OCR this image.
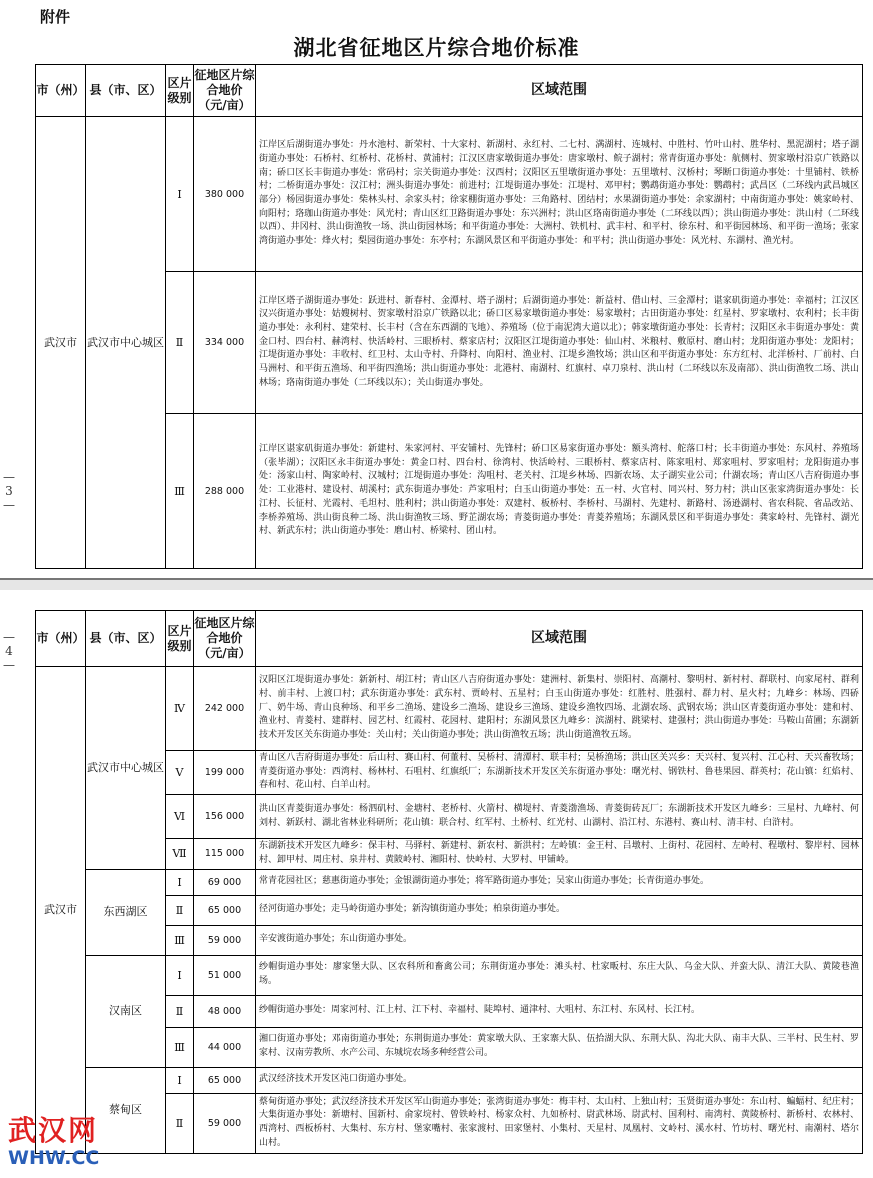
附件
湖北省征地区片综合地价标准
— 3 —
市（州）	县（市、区）	区片级别	征地区片综合地价（元/亩）	区域范围
武汉市	武汉市中心城区	Ⅰ	380 000	江岸区后湖街道办事处：丹水池村、新荣村、十大家村、新湖村、永红村、二七村、满湖村、连城村、中胜村、竹叶山村、胜华村、黑泥湖村；塔子湖街道办事处：石桥村、红桥村、花桥村、黄浦村；江汉区唐家墩街道办事处：唐家墩村、鲩子湖村；常青街道办事处：航侧村、贺家墩村沿京广铁路以南；硚口区长丰街道办事处：常码村；宗关街道办事处：汉西村；汉阳区五里墩街道办事处：五里墩村、汉桥村；琴断口街道办事处：十里铺村、铁桥村；二桥街道办事处：汉江村；洲头街道办事处：前进村；江堤街道办事处：江堤村、邓甲村；鹦鹉街道办事处：鹦鹉村；武昌区（二环线内武昌城区部分）杨园街道办事处：柴林头村、余家头村；徐家棚街道办事处：三角路村、团结村；水果湖街道办事处：余家湖村；中南街道办事处：姚家岭村、向阳村；珞珈山街道办事处：风光村；青山区红卫路街道办事处：东兴洲村；洪山区珞南街道办事处（二环线以西）；洪山街道办事处：洪山村（二环线以西）、井冈村、洪山街渔牧一场、洪山街园林场；和平街道办事处：大洲村、铁机村、武丰村、和平村、徐东村、和平街园林场、和平街一渔场；张家湾街道办事处：烽火村；梨园街道办事处：东亭村；东湖风景区和平街道办事处：和平村；洪山街道办事处：风光村、东湖村、渔光村。
		Ⅱ	334 000	江岸区塔子湖街道办事处：跃进村、新春村、金潭村、塔子湖村；后湖街道办事处：新益村、借山村、三金潭村；谌家矶街道办事处：幸福村；江汉区汉兴街道办事处：姑嫂树村、贺家墩村沿京广铁路以北；硚口区易家墩街道办事处：易家墩村；古田街道办事处：红星村、罗家墩村、农利村；长丰街道办事处：永利村、建荣村、长丰村（含在东西湖的飞地）、养殖场（位于南泥湾大道以北）；韩家墩街道办事处：长青村；汉阳区永丰街道办事处：黄金口村、四台村、赫湾村、快活岭村、三眼桥村、蔡家店村；汉阳区江堤街道办事处：仙山村、米粮村、敷原村、磨山村；龙阳街道办事处：龙阳村；江堤街道办事处：丰收村、红卫村、太山寺村、升降村、向阳村、渔业村、江堤乡渔牧场；洪山区和平街道办事处：东方红村、北洋桥村、厂前村、白马洲村、和平街五渔场、和平街四渔场；洪山街道办事处：北港村、南湖村、红旗村、卓刀泉村、洪山村（二环线以东及南部）、洪山街渔牧二场、洪山林场；珞南街道办事处（二环线以东）；关山街道办事处。
		Ⅲ	288 000	江岸区谌家矶街道办事处：新建村、朱家河村、平安铺村、先锋村；硚口区易家街道办事处：额头湾村、舵落口村；长丰街道办事处：东风村、养殖场（张毕湖）；汉阳区永丰街道办事处：黄金口村、四台村、徐湾村、快活岭村、三眼桥村、蔡家店村、陈家咀村、郑家咀村、罗家咀村；龙阳街道办事处：汤家山村、陶家岭村、汉城村；江堤街道办事处：沟咀村、老关村、江堤乡林场、四新农场、太子湖实业公司；什湖农场；青山区八吉府街道办事处：工业港村、建设村、胡溪村；武东街道办事处：芦家咀村；白玉山街道办事处：五一村、火官村、同兴村、努力村；洪山区张家湾街道办事处：长江村、长征村、光霞村、毛坦村、胜利村；洪山街道办事处：双建村、板桥村、李桥村、马湖村、先建村、新路村、汤逊湖村、省农科院、省品改站、李桥养殖场、洪山街良种二场、洪山街渔牧三场、野芷湖农场；青菱街道办事处：青菱养殖场；东湖风景区和平街道办事处：龚家岭村、先锋村、湖光村、新武东村；洪山街道办事处：磨山村、桥梁村、团山村。
— 4 —
市（州）	县（市、区）	区片级别	征地区片综合地价（元/亩）	区域范围
武汉市	武汉市中心城区	Ⅳ	242 000	汉阳区江堤街道办事处：新新村、胡江村；青山区八吉府街道办事处：建洲村、新集村、崇阳村、高潮村、黎明村、新村村、群联村、向家尾村、群利村、前丰村、上渡口村；武东街道办事处：武东村、贾岭村、五星村；白玉山街道办事处：红胜村、胜强村、群力村、星火村；九峰乡：林场、四硚厂、奶牛场、青山良种场、和平乡二渔场、建设乡二渔场、建设乡三渔场、建设乡渔牧四场、北湖农场、武钢农场；洪山区青菱街道办事处：建和村、渔业村、青菱村、建群村、园艺村、红霞村、花园村、建阳村；东湖风景区九峰乡：滨湖村、跳梁村、建强村；洪山街道办事处：马鞍山苗圃；东湖新技术开发区关东街道办事处：关山村；关山街道办事处；洪山街渔牧五场；洪山街道渔牧五场。
		Ⅴ	199 000	青山区八吉府街道办事处：后山村、赛山村、何董村、吴桥村、清潭村、联丰村；吴桥渔场；洪山区关兴乡：天兴村、复兴村、江心村、天兴畜牧场；青菱街道办事处：西湾村、杨林村、石咀村、红旗纸厂；东湖新技术开发区关东街道办事处：曙光村、钢铁村、鲁巷果园、群英村；花山镇：红焰村、春和村、花山村、白羊山村。
		Ⅵ	156 000	洪山区青菱街道办事处：杨泗矶村、金塘村、老桥村、火箭村、横堤村、青菱渤渔场、青菱街砖瓦厂；东湖新技术开发区九峰乡：三星村、九峰村、何刘村、新跃村、湖北省林业科研所；花山镇：联合村、红军村、土桥村、红光村、山湖村、沿江村、东港村、赛山村、清丰村、白浒村。
		Ⅶ	115 000	东湖新技术开发区九峰乡：保丰村、马驿村、新建村、新农村、新洪村；左岭镇：金王村、吕墩村、上街村、花园村、左岭村、程墩村、黎岸村、园林村、卸甲村、周庄村、泉井村、黄陂岭村、湘阳村、快岭村、大罗村、甲铺岭。
	东西湖区	Ⅰ	69 000	常青花园社区；慈惠街道办事处；金银湖街道办事处；将军路街道办事处；吴家山街道办事处；长青街道办事处。
		Ⅱ	65 000	径河街道办事处；走马岭街道办事处；新沟镇街道办事处；柏泉街道办事处。
		Ⅲ	59 000	辛安渡街道办事处；东山街道办事处。
	汉南区	Ⅰ	51 000	纱帽街道办事处：廖家堡大队、区农科所和畜禽公司；东荆街道办事处：滩头村、杜家畈村、东庄大队、乌金大队、并蛮大队、清江大队、黄陵巷渔场。
		Ⅱ	48 000	纱帽街道办事处：周家河村、江上村、江下村、幸福村、陡埠村、通津村、大咀村、东江村、东风村、长江村。
		Ⅲ	44 000	湘口街道办事处；邓南街道办事处；东荆街道办事处：黄家墩大队、王家寨大队、伍拾湖大队、东荆大队、沟北大队、南丰大队、三半村、民生村、罗家村、汉南劳教所、水产公司、东城垸农场多种经营公司。
	蔡甸区	Ⅰ	65 000	武汉经济技术开发区沌口街道办事处。
		Ⅱ	59 000	蔡甸街道办事处；武汉经济技术开发区军山街道办事处；张湾街道办事处：梅丰村、太山村、上独山村；玉贤街道办事处：东山村、蝙蝠村、纪庄村；大集街道办事处：新塘村、国新村、俞家垸村、曾铁岭村、杨家众村、九如桥村、尉武林场、尉武村、国利村、南湾村、黄陵桥村、新桥村、农林村、西湾村、西板桥村、大集村、东方村、堡家嘴村、张家渡村、田家堡村、小集村、天星村、凤凰村、文岭村、溪水村、竹坊村、曙光村、南潮村、塔尔山村。
武汉网
WHW.CC
